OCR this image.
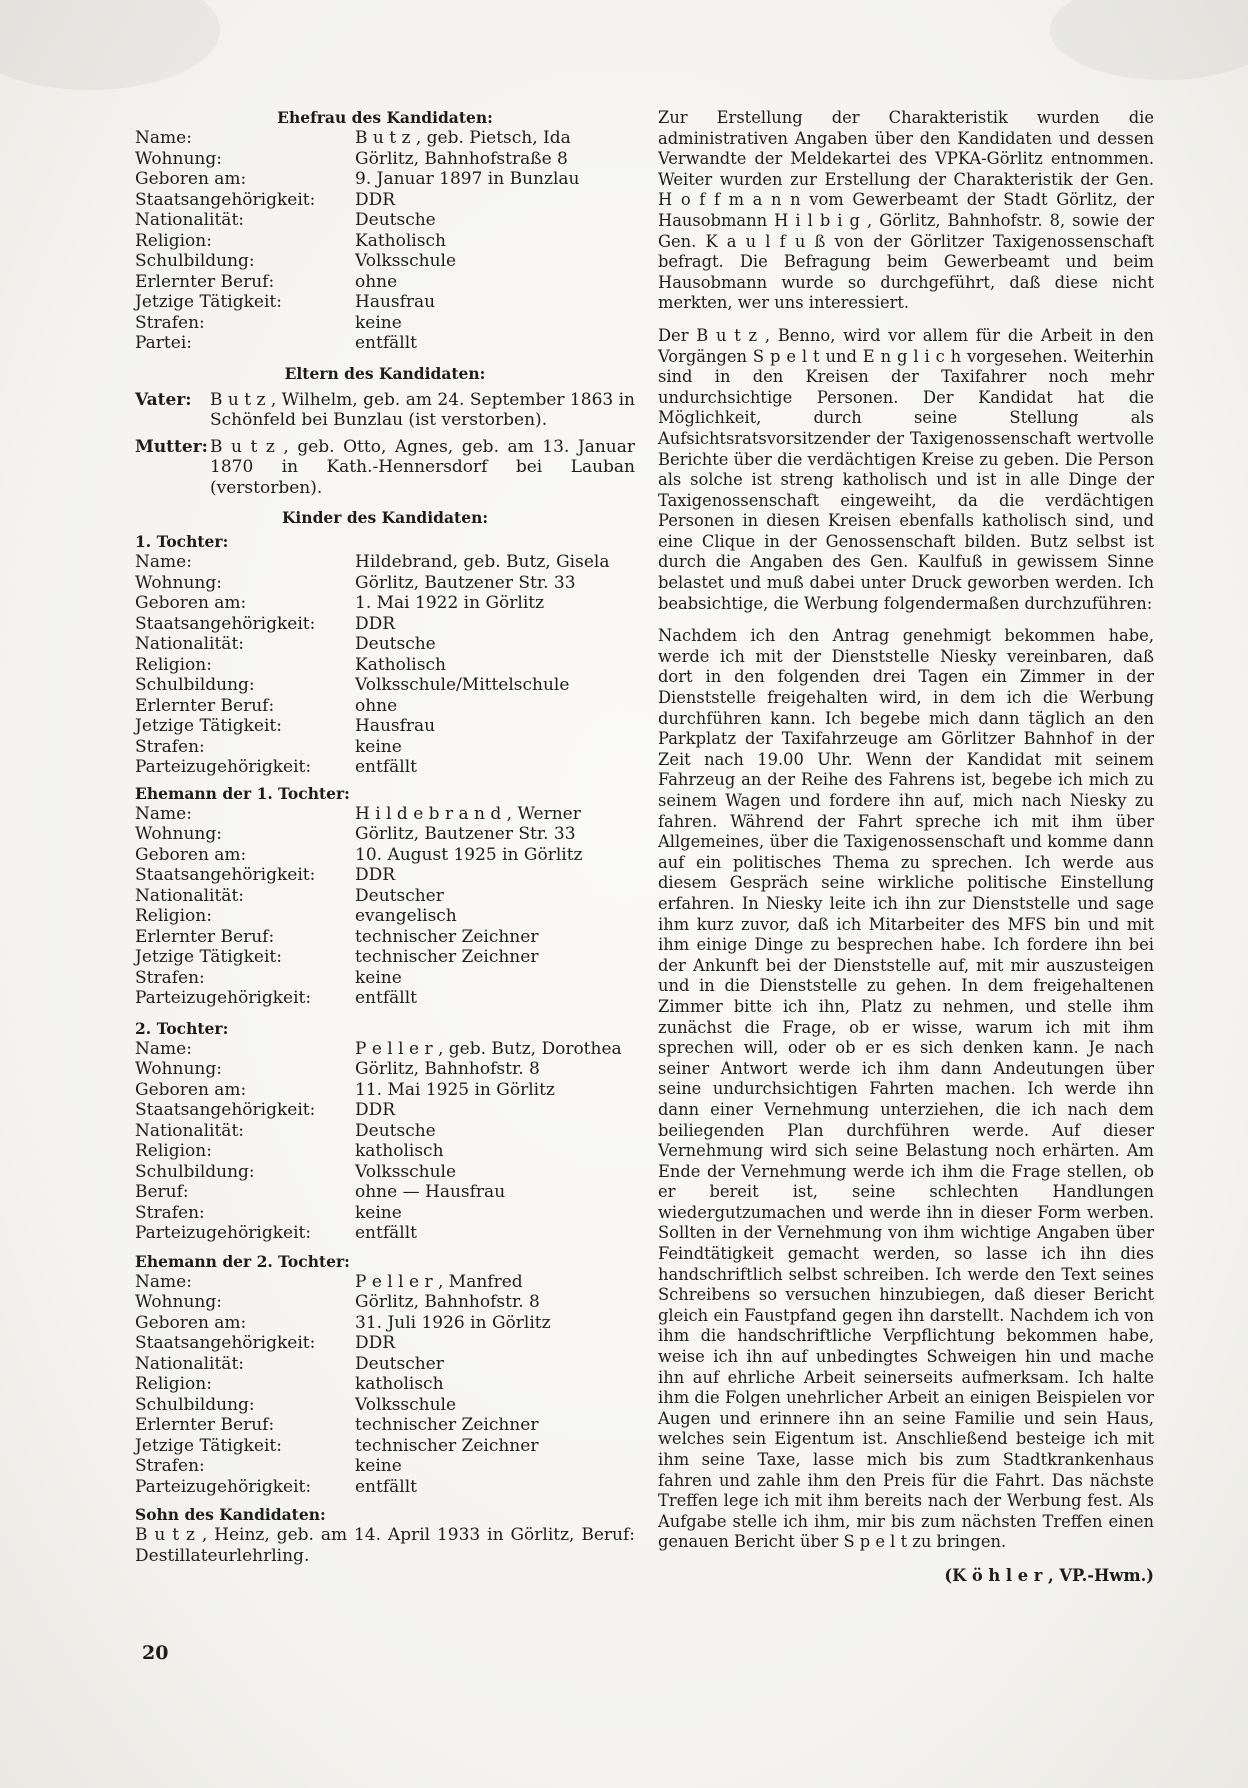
Ehefrau des Kandidaten:
Name:	B u t z , geb. Pietsch, Ida
Wohnung:	Görlitz, Bahnhofstraße 8
Geboren am:	9. Januar 1897 in Bunzlau
Staatsangehörigkeit:	DDR
Nationalität:	Deutsche
Religion:	Katholisch
Schulbildung:	Volksschule
Erlernter Beruf:	ohne
Jetzige Tätigkeit:	Hausfrau
Strafen:	keine
Partei:	entfällt
Eltern des Kandidaten:
Vater:	B u t z , Wilhelm, geb. am 24. September 1863 in Schönfeld bei Bunzlau (ist verstorben).
Mutter: B u t z , geb. Otto, Agnes, geb. am 13. Januar 1870 in Kath.-Hennersdorf bei Lauban (verstorben).
Kinder des Kandidaten:
1. Tochter:
Name:	Hildebrand, geb. Butz, Gisela
Wohnung:	Görlitz, Bautzener Str. 33
Geboren am:	1. Mai 1922 in Görlitz
Staatsangehörigkeit:	DDR
Nationalität:	Deutsche
Religion:	Katholisch
Schulbildung:	Volksschule/Mittelschule
Erlernter Beruf:	ohne
Jetzige Tätigkeit:	Hausfrau
Strafen:	keine
Parteizugehörigkeit:	entfällt
Ehemann der 1. Tochter:
Name:	H i l d e b r a n d , Werner
Wohnung:	Görlitz, Bautzener Str. 33
Geboren am:	10. August 1925 in Görlitz
Staatsangehörigkeit:	DDR
Nationalität:	Deutscher
Religion:	evangelisch
Erlernter Beruf:	technischer Zeichner
Jetzige Tätigkeit:	technischer Zeichner
Strafen:	keine
Parteizugehörigkeit:	entfällt
2. Tochter:
Name:	P e l l e r , geb. Butz, Dorothea
Wohnung:	Görlitz, Bahnhofstr. 8
Geboren am:	11. Mai 1925 in Görlitz
Staatsangehörigkeit:	DDR
Nationalität:	Deutsche
Religion:	katholisch
Schulbildung:	Volksschule
Beruf:	ohne — Hausfrau
Strafen:	keine
Parteizugehörigkeit:	entfällt
Ehemann der 2. Tochter:
Name:	P e l l e r , Manfred
Wohnung:	Görlitz, Bahnhofstr. 8
Geboren am:	31. Juli 1926 in Görlitz
Staatsangehörigkeit:	DDR
Nationalität:	Deutscher
Religion:	katholisch
Schulbildung:	Volksschule
Erlernter Beruf:	technischer Zeichner
Jetzige Tätigkeit:	technischer Zeichner
Strafen:	keine
Parteizugehörigkeit:	entfällt
Sohn des Kandidaten:
B u t z , Heinz, geb. am 14. April 1933 in Görlitz, Beruf: Destillateurlehrling.

Zur Erstellung der Charakteristik wurden die administrativen Angaben über den Kandidaten und dessen Verwandte der Meldekartei des VPKA-Görlitz entnommen. Weiter wurden zur Erstellung der Charakteristik der Gen. H o f f m a n n vom Gewerbeamt der Stadt Görlitz, der Hausobmann H i l b i g , Görlitz, Bahnhofstr. 8, sowie der Gen. K a u l f u ß von der Görlitzer Taxigenossenschaft befragt. Die Befragung beim Gewerbeamt und beim Hausobmann wurde so durchgeführt, daß diese nicht merkten, wer uns interessiert.

Der B u t z , Benno, wird vor allem für die Arbeit in den Vorgängen S p e l t und E n g l i c h vorgesehen. Weiterhin sind in den Kreisen der Taxifahrer noch mehr undurchsichtige Personen. Der Kandidat hat die Möglichkeit, durch seine Stellung als Aufsichtsratsvorsitzender der Taxigenossenschaft wertvolle Berichte über die verdächtigen Kreise zu geben. Die Person als solche ist streng katholisch und ist in alle Dinge der Taxigenossenschaft eingeweiht, da die verdächtigen Personen in diesen Kreisen ebenfalls katholisch sind, und eine Clique in der Genossenschaft bilden. Butz selbst ist durch die Angaben des Gen. Kaulfuß in gewissem Sinne belastet und muß dabei unter Druck geworben werden. Ich beabsichtige, die Werbung folgendermaßen durchzuführen:

Nachdem ich den Antrag genehmigt bekommen habe, werde ich mit der Dienststelle Niesky vereinbaren, daß dort in den folgenden drei Tagen ein Zimmer in der Dienststelle freigehalten wird, in dem ich die Werbung durchführen kann. Ich begebe mich dann täglich an den Parkplatz der Taxifahrzeuge am Görlitzer Bahnhof in der Zeit nach 19.00 Uhr. Wenn der Kandidat mit seinem Fahrzeug an der Reihe des Fahrens ist, begebe ich mich zu seinem Wagen und fordere ihn auf, mich nach Niesky zu fahren. Während der Fahrt spreche ich mit ihm über Allgemeines, über die Taxigenossenschaft und komme dann auf ein politisches Thema zu sprechen. Ich werde aus diesem Gespräch seine wirkliche politische Einstellung erfahren. In Niesky leite ich ihn zur Dienststelle und sage ihm kurz zuvor, daß ich Mitarbeiter des MFS bin und mit ihm einige Dinge zu besprechen habe. Ich fordere ihn bei der Ankunft bei der Dienststelle auf, mit mir auszusteigen und in die Dienststelle zu gehen. In dem freigehaltenen Zimmer bitte ich ihn, Platz zu nehmen, und stelle ihm zunächst die Frage, ob er wisse, warum ich mit ihm sprechen will, oder ob er es sich denken kann. Je nach seiner Antwort werde ich ihm dann Andeutungen über seine undurchsichtigen Fahrten machen. Ich werde ihn dann einer Vernehmung unterziehen, die ich nach dem beiliegenden Plan durchführen werde. Auf dieser Vernehmung wird sich seine Belastung noch erhärten. Am Ende der Vernehmung werde ich ihm die Frage stellen, ob er bereit ist, seine schlechten Handlungen wiedergutzumachen und werde ihn in dieser Form werben. Sollten in der Vernehmung von ihm wichtige Angaben über Feindtätigkeit gemacht werden, so lasse ich ihn dies handschriftlich selbst schreiben. Ich werde den Text seines Schreibens so versuchen hinzubiegen, daß dieser Bericht gleich ein Faustpfand gegen ihn darstellt. Nachdem ich von ihm die handschriftliche Verpflichtung bekommen habe, weise ich ihn auf unbedingtes Schweigen hin und mache ihn auf ehrliche Arbeit seinerseits aufmerksam. Ich halte ihm die Folgen unehrlicher Arbeit an einigen Beispielen vor Augen und erinnere ihn an seine Familie und sein Haus, welches sein Eigentum ist. Anschließend besteige ich mit ihm seine Taxe, lasse mich bis zum Stadtkrankenhaus fahren und zahle ihm den Preis für die Fahrt. Das nächste Treffen lege ich mit ihm bereits nach der Werbung fest. Als Aufgabe stelle ich ihm, mir bis zum nächsten Treffen einen genauen Bericht über S p e l t zu bringen.

(K ö h l e r , VP.-Hwm.)
20
